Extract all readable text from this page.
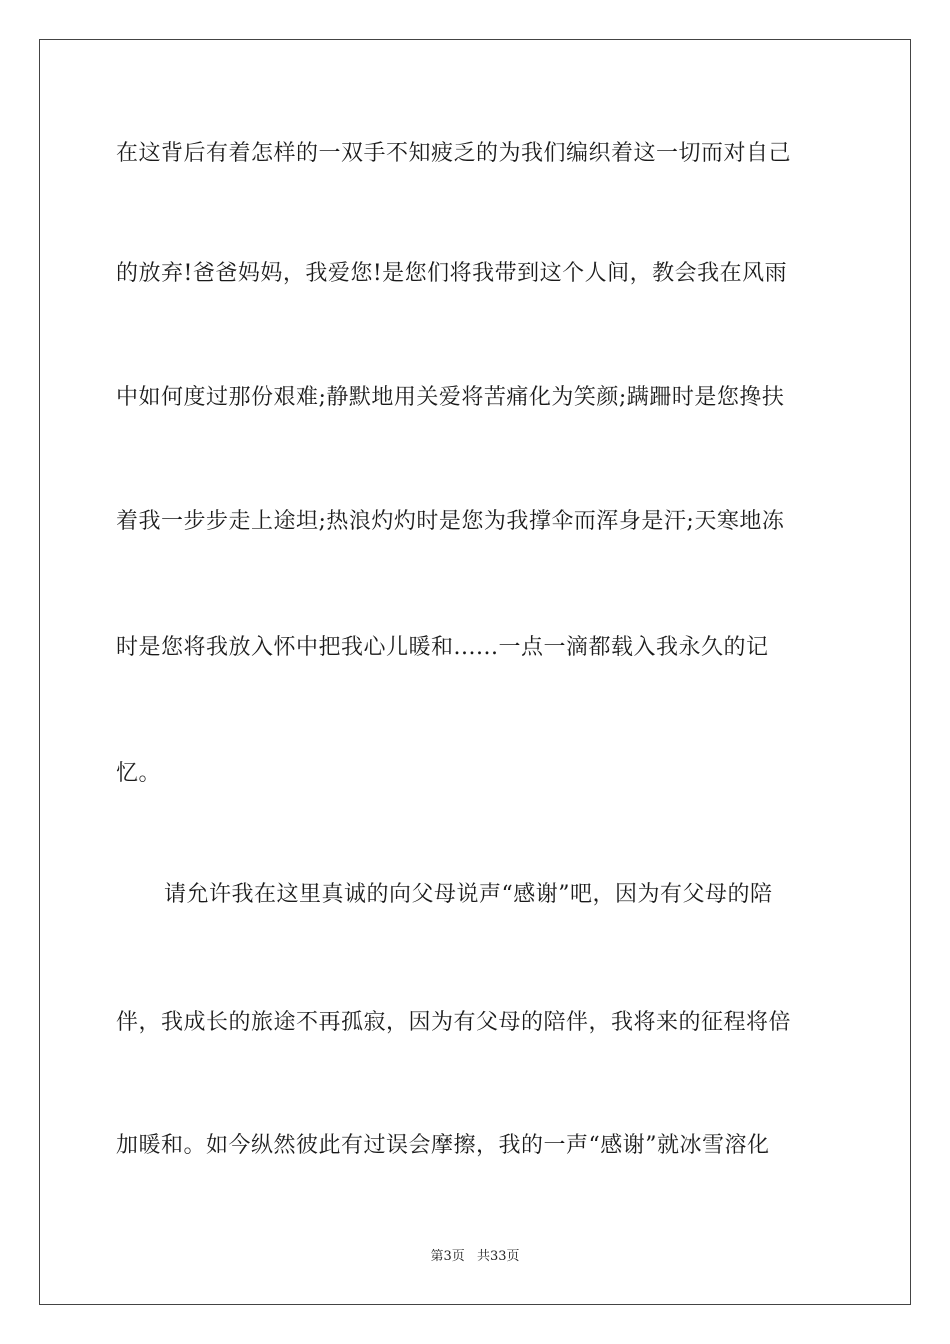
在这背后有着怎样的一双手不知疲乏的为我们编织着这一切而对自己
的放弃!爸爸妈妈，我爱您!是您们将我带到这个人间，教会我在风雨
中如何度过那份艰难;静默地用关爱将苦痛化为笑颜;蹒跚时是您搀扶
着我一步步走上途坦;热浪灼灼时是您为我撑伞而浑身是汗;天寒地冻
时是您将我放入怀中把我心儿暖和......一点一滴都载入我永久的记
忆。
请允许我在这里真诚的向父母说声“感谢”吧，因为有父母的陪
伴，我成长的旅途不再孤寂，因为有父母的陪伴，我将来的征程将倍
加暖和。如今纵然彼此有过误会摩擦，我的一声“感谢”就冰雪溶化
第3页 共33页
